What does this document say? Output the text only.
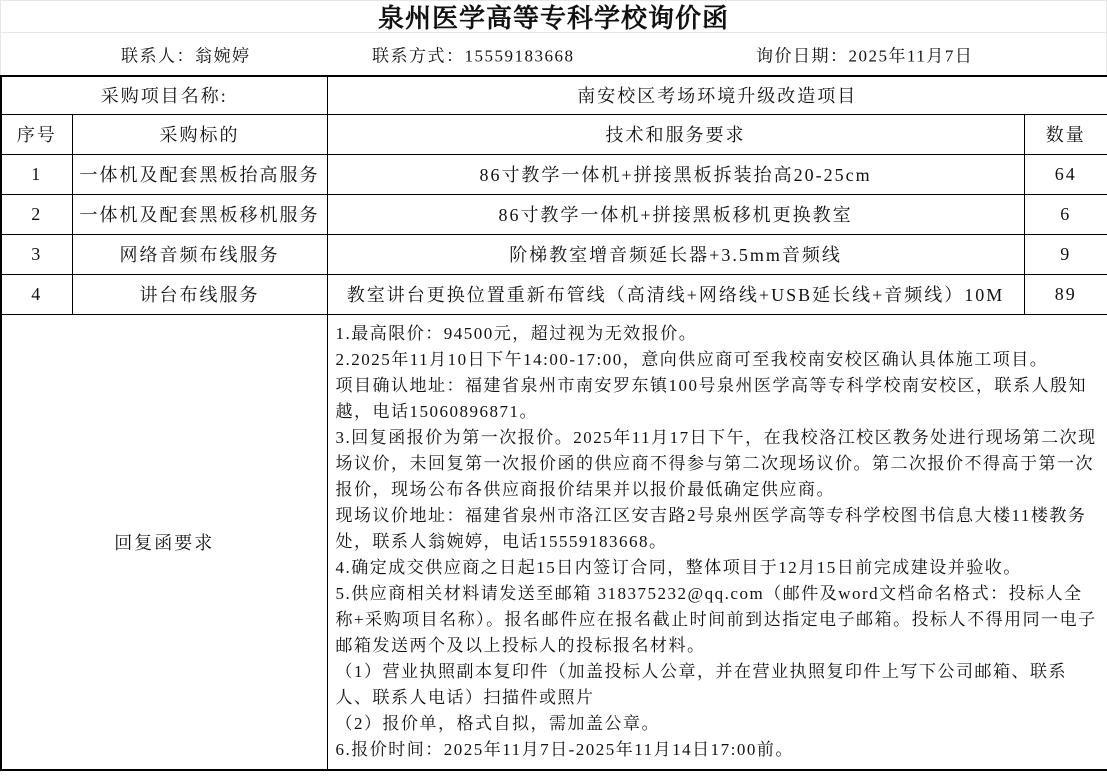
泉州医学高等专科学校询价函
联系人：翁婉婷	联系方式：15559183668	询价日期：2025年11月7日
采购项目名称:		南安校区考场环境升级改造项目	
序号	采购标的	技术和服务要求	数量
1	一体机及配套黑板抬高服务	86寸教学一体机+拼接黑板拆装抬高20-25cm	64
2	一体机及配套黑板移机服务	86寸教学一体机+拼接黑板移机更换教室	6
3	网络音频布线服务	阶梯教室增音频延长器+3.5mm音频线	9
4	讲台布线服务	教室讲台更换位置重新布管线（高清线+网络线+USB延长线+音频线）10M	89
回复函要求	
1.最高限价：94500元，超过视为无效报价。
2.2025年11月10日下午14:00-17:00，意向供应商可至我校南安校区确认具体施工项目。
项目确认地址：福建省泉州市南安罗东镇100号泉州医学高等专科学校南安校区，联系人殷知越，电话15060896871。
3.回复函报价为第一次报价。2025年11月17日下午，在我校洛江校区教务处进行现场第二次现场议价，未回复第一次报价函的供应商不得参与第二次现场议价。第二次报价不得高于第一次报价，现场公布各供应商报价结果并以报价最低确定供应商。
现场议价地址：福建省泉州市洛江区安吉路2号泉州医学高等专科学校图书信息大楼11楼教务处，联系人翁婉婷，电话15559183668。
4.确定成交供应商之日起15日内签订合同，整体项目于12月15日前完成建设并验收。
5.供应商相关材料请发送至邮箱 318375232@qq.com（邮件及word文档命名格式：投标人全称+采购项目名称）。报名邮件应在报名截止时间前到达指定电子邮箱。投标人不得用同一电子邮箱发送两个及以上投标人的投标报名材料。
（1）营业执照副本复印件（加盖投标人公章，并在营业执照复印件上写下公司邮箱、联系人、联系人电话）扫描件或照片
（2）报价单，格式自拟，需加盖公章。
6.报价时间：2025年11月7日-2025年11月14日17:00前。
